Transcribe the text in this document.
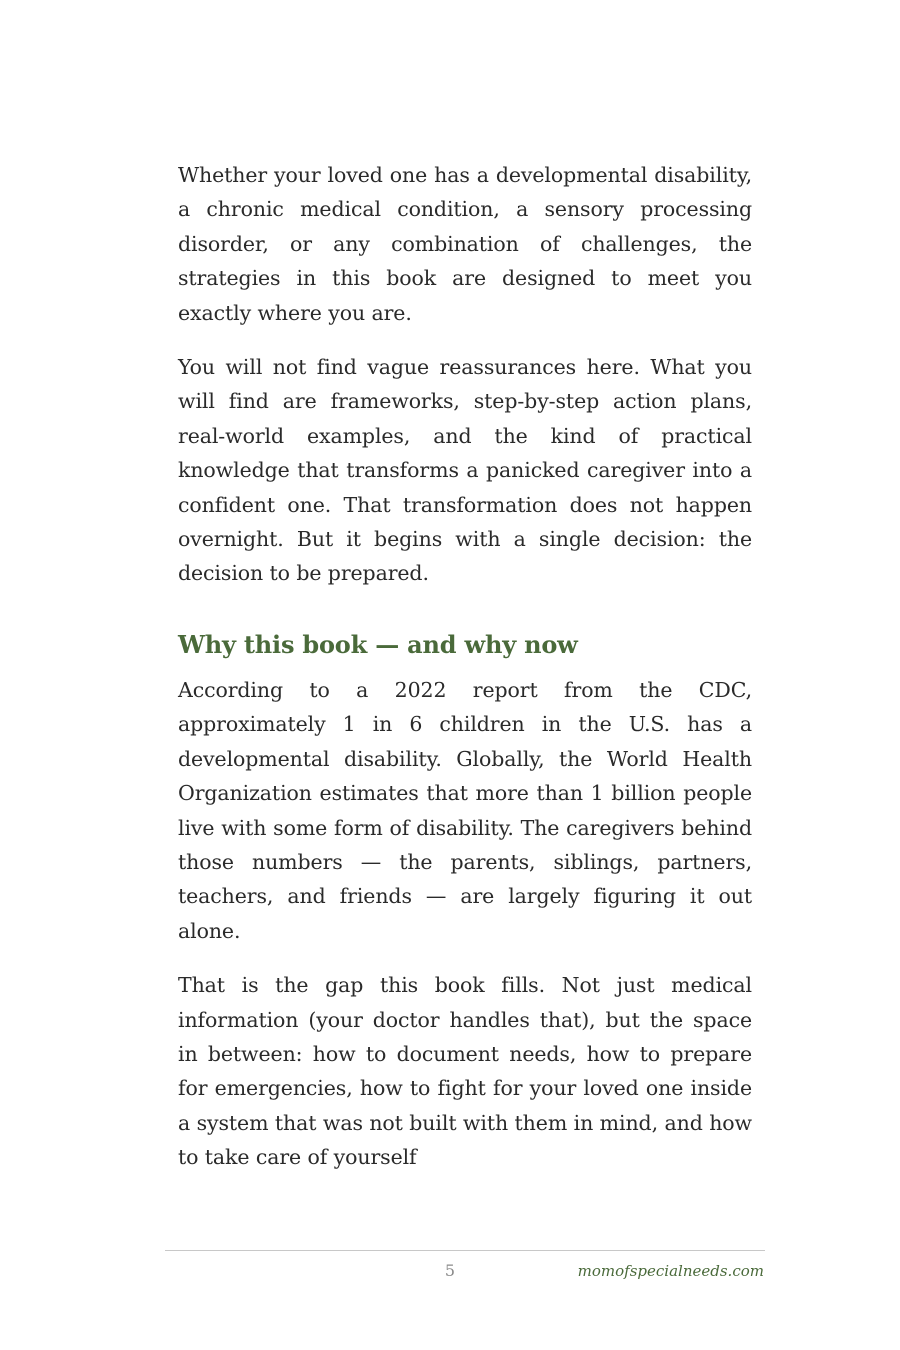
Whether your loved one has a developmental disability, a chronic medical condition, a sensory processing disorder, or any combination of challenges, the strategies in this book are designed to meet you exactly where you are.

You will not find vague reassurances here. What you will find are frameworks, step-by-step action plans, real-world examples, and the kind of practical knowledge that transforms a panicked caregiver into a confident one. That transformation does not happen overnight. But it begins with a single decision: the decision to be prepared.

Why this book — and why now

According to a 2022 report from the CDC, approximately 1 in 6 children in the U.S. has a developmental disability. Globally, the World Health Organization estimates that more than 1 billion people live with some form of disability. The caregivers behind those numbers — the parents, siblings, partners, teachers, and friends — are largely figuring it out alone.

That is the gap this book fills. Not just medical information (your doctor handles that), but the space in between: how to document needs, how to prepare for emergencies, how to fight for your loved one inside a system that was not built with them in mind, and how to take care of yourself

5	momofspecialneeds.com
